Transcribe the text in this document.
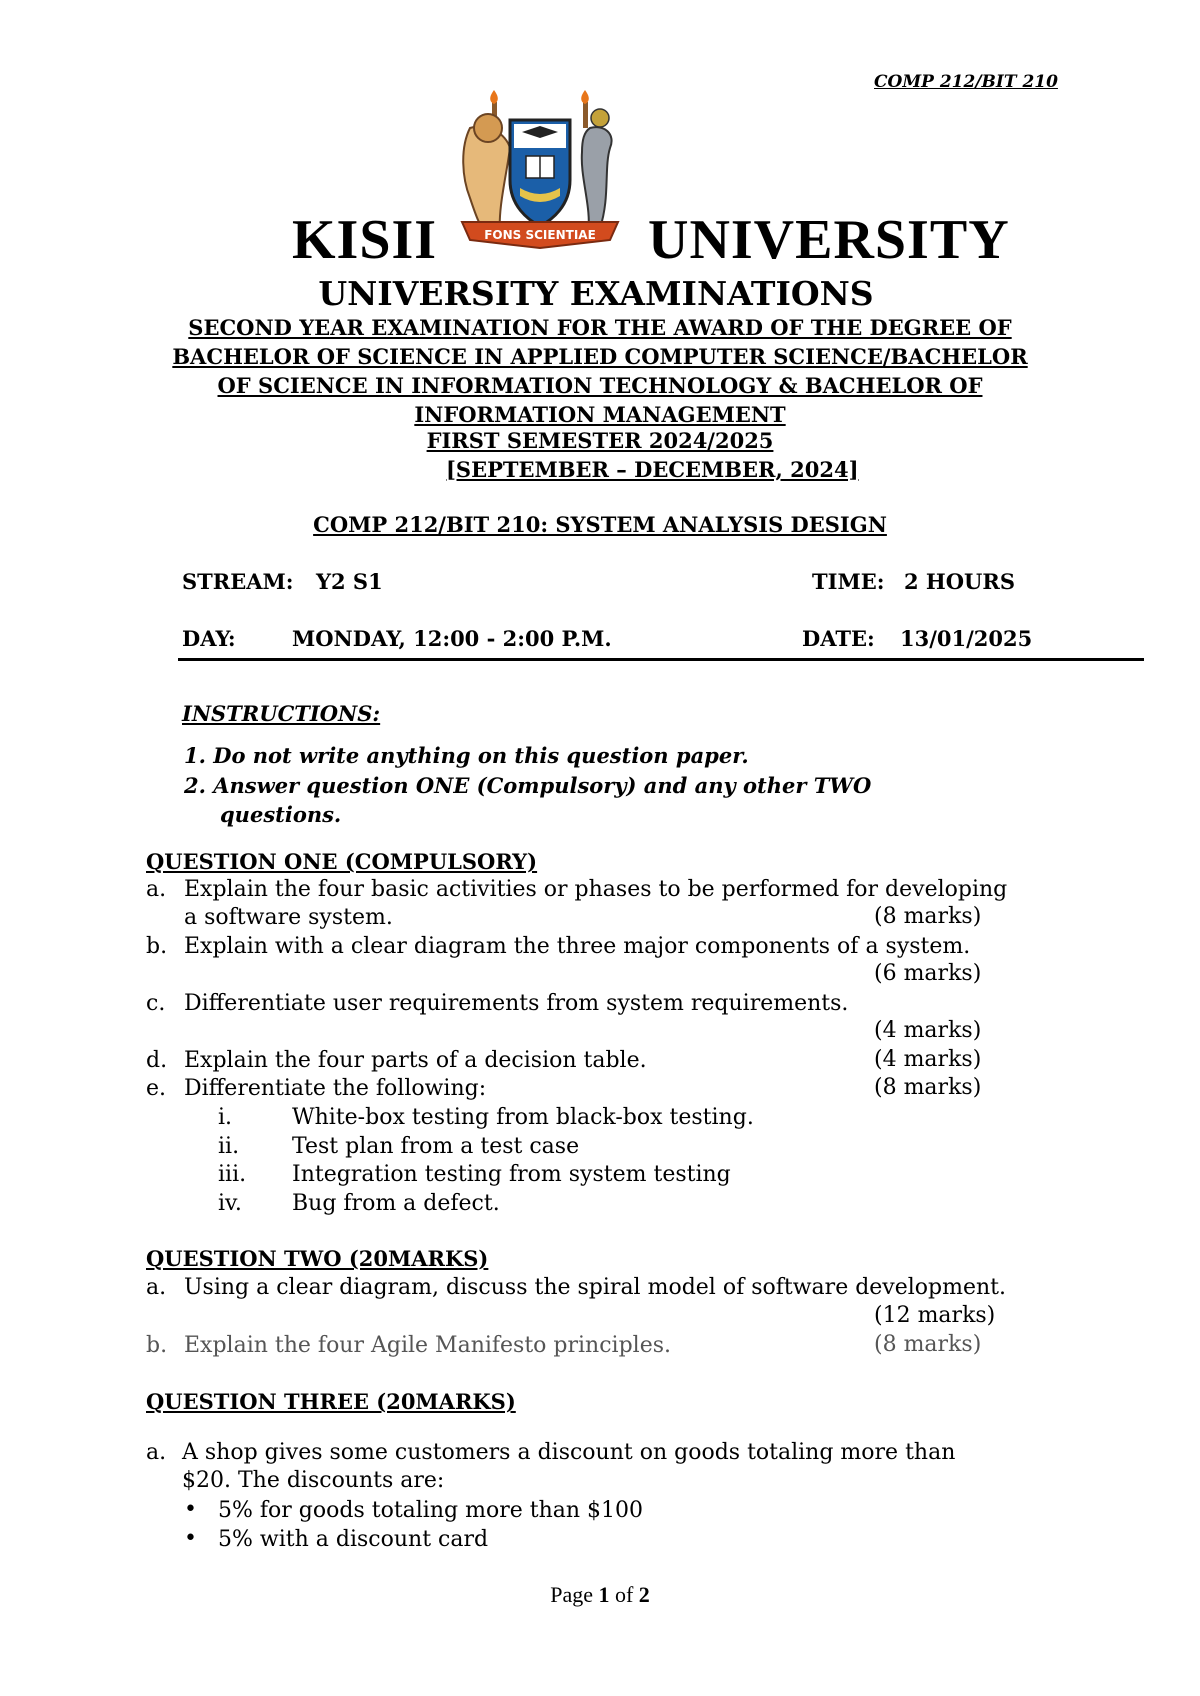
COMP 212/BIT 210
FONS SCIENTIAE
KISII	UNIVERSITY
UNIVERSITY EXAMINATIONS
SECOND YEAR EXAMINATION FOR THE AWARD OF THE DEGREE OF
BACHELOR OF SCIENCE IN APPLIED COMPUTER SCIENCE/BACHELOR
OF SCIENCE IN INFORMATION TECHNOLOGY & BACHELOR OF
INFORMATION MANAGEMENT
FIRST SEMESTER 2024/2025
[SEPTEMBER – DECEMBER, 2024]
COMP 212/BIT 210: SYSTEM ANALYSIS DESIGN
STREAM: Y2 S1	TIME: 2 HOURS
DAY:	MONDAY, 12:00 - 2:00 P.M.	DATE: 13/01/2025
INSTRUCTIONS:
1. Do not write anything on this question paper.
2. Answer question ONE (Compulsory) and any other TWO
questions.
QUESTION ONE (COMPULSORY)
a. Explain the four basic activities or phases to be performed for developing
a software system.	(8 marks)
b. Explain with a clear diagram the three major components of a system.
(6 marks)
c. Differentiate user requirements from system requirements.
(4 marks)
d. Explain the four parts of a decision table.	(4 marks)
e. Differentiate the following:	(8 marks)
i.	White-box testing from black-box testing.
ii. Test plan from a test case
iii. Integration testing from system testing
iv. Bug from a defect.
QUESTION TWO (20MARKS)
a. Using a clear diagram, discuss the spiral model of software development.
(12 marks)
b. Explain the four Agile Manifesto principles.	(8 marks)
QUESTION THREE (20MARKS)
a. A shop gives some customers a discount on goods totaling more than
$20. The discounts are:
• 5% for goods totaling more than $100
• 5% with a discount card
Page 1 of 2
